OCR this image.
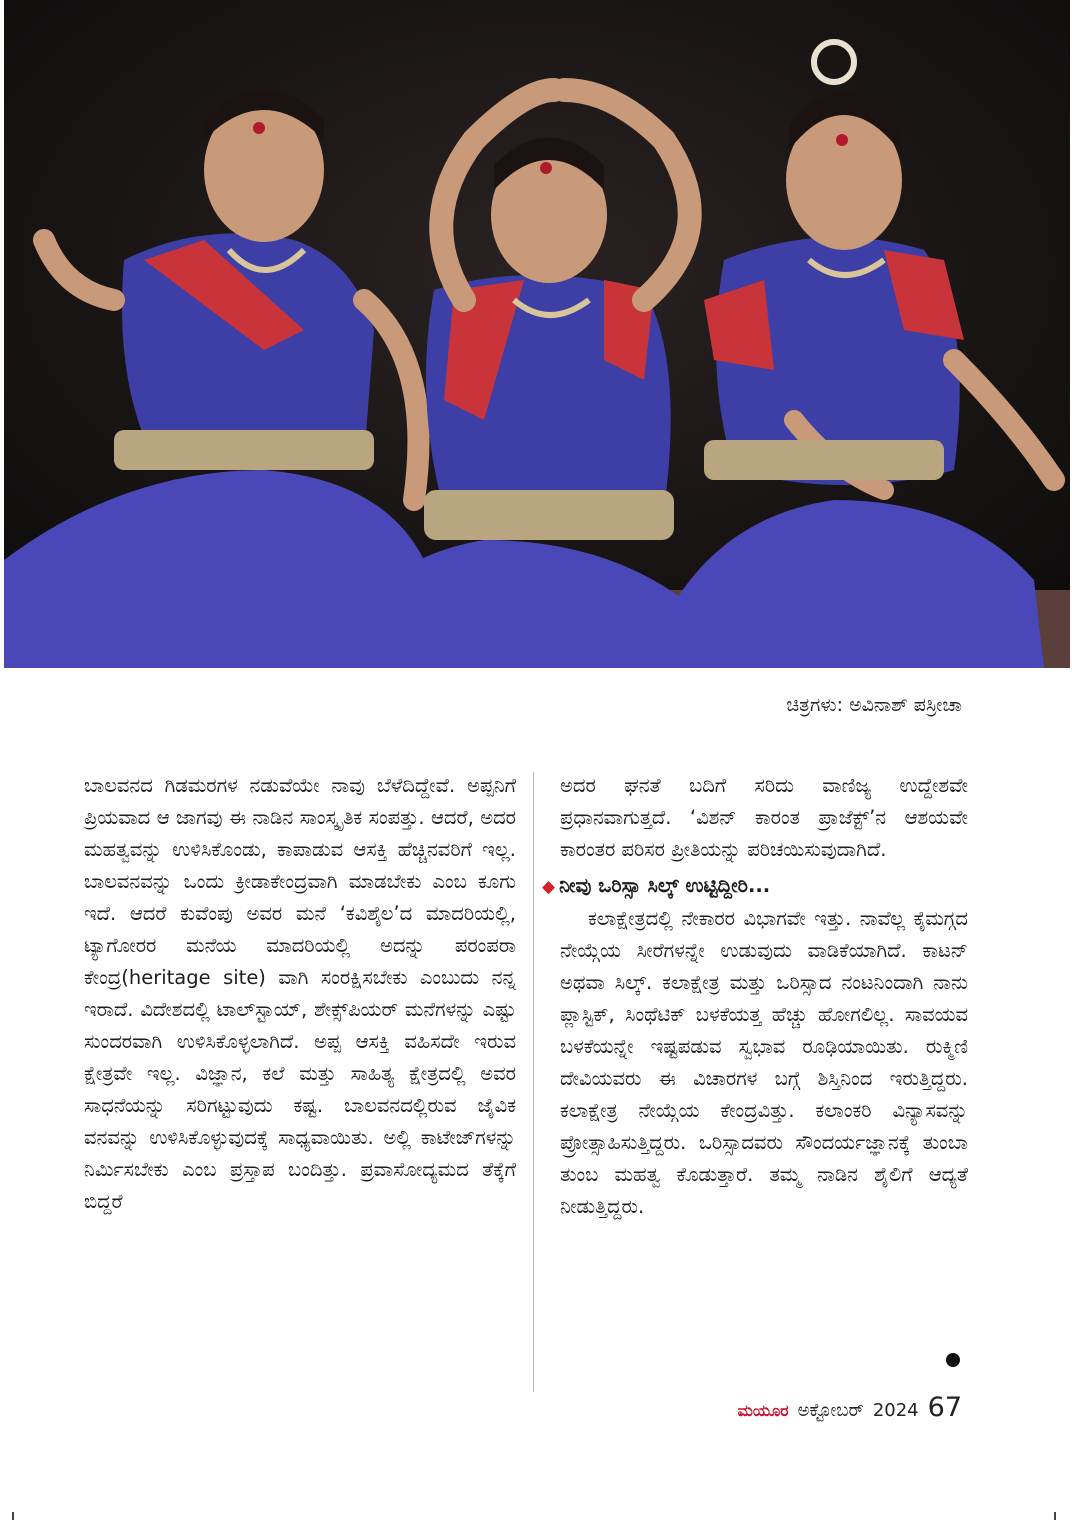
ಚಿತ್ರಗಳು: ಅವಿನಾಶ್ ಪಸ್ರೀಚಾ

ಬಾಲವನದ ಗಿಡಮರಗಳ ನಡುವೆಯೇ ನಾವು ಬೆಳೆದಿದ್ದೇವೆ. ಅಪ್ಪನಿಗೆ ಪ್ರಿಯವಾದ ಆ ಜಾಗವು ಈ ನಾಡಿನ ಸಾಂಸ್ಕೃತಿಕ ಸಂಪತ್ತು. ಆದರೆ, ಅದರ ಮಹತ್ವವನ್ನು ಉಳಿಸಿಕೊಂಡು, ಕಾಪಾಡುವ ಆಸಕ್ತಿ ಹೆಚ್ಚಿನವರಿಗೆ ಇಲ್ಲ. ಬಾಲವನವನ್ನು ಒಂದು ಕ್ರೀಡಾಕೇಂದ್ರವಾಗಿ ಮಾಡಬೇಕು ಎಂಬ ಕೂಗು ಇದೆ. ಆದರೆ ಕುವೆಂಪು ಅವರ ಮನೆ ‘ಕವಿಶೈಲ’ದ ಮಾದರಿಯಲ್ಲಿ, ಟ್ಯಾಗೋರರ ಮನೆಯ ಮಾದರಿಯಲ್ಲಿ ಅದನ್ನು ಪರಂಪರಾ ಕೇಂದ್ರ(heritage site) ವಾಗಿ ಸಂರಕ್ಷಿಸಬೇಕು ಎಂಬುದು ನನ್ನ ಇರಾದೆ. ವಿದೇಶದಲ್ಲಿ ಟಾಲ್‌ಸ್ಟಾಯ್, ಶೇಕ್ಸ್‌ಪಿಯರ್ ಮನೆಗಳನ್ನು ಎಷ್ಟು ಸುಂದರವಾಗಿ ಉಳಿಸಿಕೊಳ್ಳಲಾಗಿದೆ. ಅಪ್ಪ ಆಸಕ್ತಿ ವಹಿಸದೇ ಇರುವ ಕ್ಷೇತ್ರವೇ ಇಲ್ಲ. ವಿಜ್ಞಾನ, ಕಲೆ ಮತ್ತು ಸಾಹಿತ್ಯ ಕ್ಷೇತ್ರದಲ್ಲಿ ಅವರ ಸಾಧನೆಯನ್ನು ಸರಿಗಟ್ಟುವುದು ಕಷ್ಟ. ಬಾಲವನದಲ್ಲಿರುವ ಜೈವಿಕ ವನವನ್ನು ಉಳಿಸಿಕೊಳ್ಳುವುದಕ್ಕೆ ಸಾಧ್ಯವಾಯಿತು. ಅಲ್ಲಿ ಕಾಟೇಜ್‌ಗಳನ್ನು ನಿರ್ಮಿಸಬೇಕು ಎಂಬ ಪ್ರಸ್ತಾಪ ಬಂದಿತ್ತು. ಪ್ರವಾಸೋದ್ಯಮದ ತೆಕ್ಕೆಗೆ ಬಿದ್ದರೆ

ಅದರ ಘನತೆ ಬದಿಗೆ ಸರಿದು ವಾಣಿಜ್ಯ ಉದ್ದೇಶವೇ ಪ್ರಧಾನವಾಗುತ್ತದೆ. ‘ವಿಶನ್ ಕಾರಂತ ಪ್ರಾಜೆಕ್ಟ್’ನ ಆಶಯವೇ ಕಾರಂತರ ಪರಿಸರ ಪ್ರೀತಿಯನ್ನು ಪರಿಚಯಿಸುವುದಾಗಿದೆ.

◆ ನೀವು ಒರಿಸ್ಸಾ ಸಿಲ್ಕ್ ಉಟ್ಟಿದ್ದೀರಿ...

ಕಲಾಕ್ಷೇತ್ರದಲ್ಲಿ ನೇಕಾರರ ವಿಭಾಗವೇ ಇತ್ತು. ನಾವೆಲ್ಲ ಕೈಮಗ್ಗದ ನೇಯ್ಗೆಯ ಸೀರೆಗಳನ್ನೇ ಉಡುವುದು ವಾಡಿಕೆಯಾಗಿದೆ. ಕಾಟನ್ ಅಥವಾ ಸಿಲ್ಕ್. ಕಲಾಕ್ಷೇತ್ರ ಮತ್ತು ಒರಿಸ್ಸಾದ ನಂಟನಿಂದಾಗಿ ನಾನು ಪ್ಲಾಸ್ಟಿಕ್, ಸಿಂಥೆಟಿಕ್ ಬಳಕೆಯತ್ತ ಹೆಚ್ಚು ಹೋಗಲಿಲ್ಲ. ಸಾವಯವ ಬಳಕೆಯನ್ನೇ ಇಷ್ಟಪಡುವ ಸ್ವಭಾವ ರೂಢಿಯಾಯಿತು. ರುಕ್ಮಿಣಿ ದೇವಿಯವರು ಈ ವಿಚಾರಗಳ ಬಗ್ಗೆ ಶಿಸ್ತಿನಿಂದ ಇರುತ್ತಿದ್ದರು. ಕಲಾಕ್ಷೇತ್ರ ನೇಯ್ಗೆಯ ಕೇಂದ್ರವಿತ್ತು. ಕಲಾಂಕರಿ ವಿನ್ಯಾಸವನ್ನು ಪ್ರೋತ್ಸಾಹಿಸುತ್ತಿದ್ದರು. ಒರಿಸ್ಸಾದವರು ಸೌಂದರ್ಯಜ್ಞಾನಕ್ಕೆ ತುಂಬಾ ತುಂಬ ಮಹತ್ವ ಕೊಡುತ್ತಾರೆ. ತಮ್ಮ ನಾಡಿನ ಶೈಲಿಗೆ ಆದ್ಯತೆ ನೀಡುತ್ತಿದ್ದರು.

ಮಯೂರ ಅಕ್ಟೋಬರ್ 2024 67
